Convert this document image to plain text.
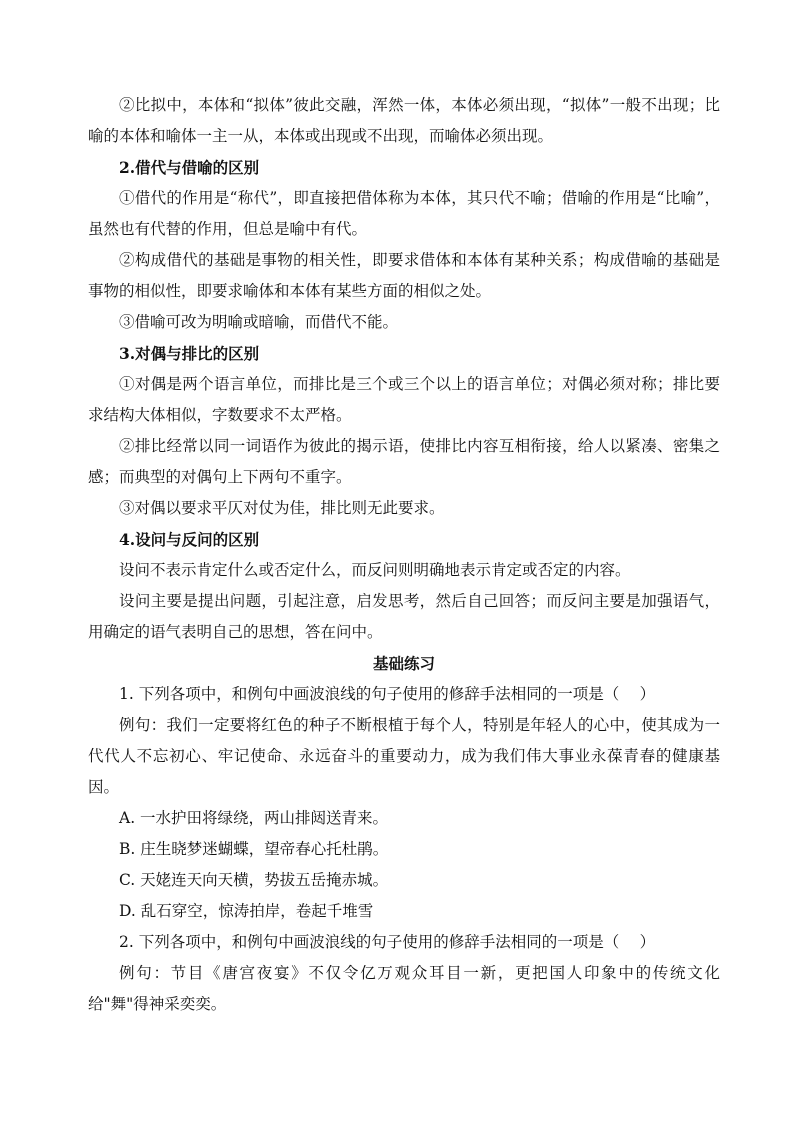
②比拟中，本体和“拟体”彼此交融，浑然一体，本体必须出现，“拟体”一般不出现；比喻的本体和喻体一主一从，本体或出现或不出现，而喻体必须出现。

2.借代与借喻的区别

①借代的作用是“称代”，即直接把借体称为本体，其只代不喻；借喻的作用是“比喻”，虽然也有代替的作用，但总是喻中有代。

②构成借代的基础是事物的相关性，即要求借体和本体有某种关系；构成借喻的基础是事物的相似性，即要求喻体和本体有某些方面的相似之处。

③借喻可改为明喻或暗喻，而借代不能。

3.对偶与排比的区别

①对偶是两个语言单位，而排比是三个或三个以上的语言单位；对偶必须对称；排比要求结构大体相似，字数要求不太严格。

②排比经常以同一词语作为彼此的揭示语，使排比内容互相衔接，给人以紧凑、密集之感；而典型的对偶句上下两句不重字。

③对偶以要求平仄对仗为佳，排比则无此要求。

4.设问与反问的区别

设问不表示肯定什么或否定什么，而反问则明确地表示肯定或否定的内容。

设问主要是提出问题，引起注意，启发思考，然后自己回答；而反问主要是加强语气，用确定的语气表明自己的思想，答在问中。

基础练习

1. 下列各项中，和例句中画波浪线的句子使用的修辞手法相同的一项是（　 ）

例句：我们一定要将红色的种子不断根植于每个人，特别是年轻人的心中，使其成为一代代人不忘初心、牢记使命、永远奋斗的重要动力，成为我们伟大事业永葆青春的健康基因。

A. 一水护田将绿绕，两山排闼送青来。

B. 庄生晓梦迷蝴蝶，望帝春心托杜鹃。

C. 天姥连天向天横，势拔五岳掩赤城。

D. 乱石穿空，惊涛拍岸，卷起千堆雪

2. 下列各项中，和例句中画波浪线的句子使用的修辞手法相同的一项是（　 ）

例句：节目《唐宫夜宴》不仅令亿万观众耳目一新，更把国人印象中的传统文化给"舞"得神采奕奕。
